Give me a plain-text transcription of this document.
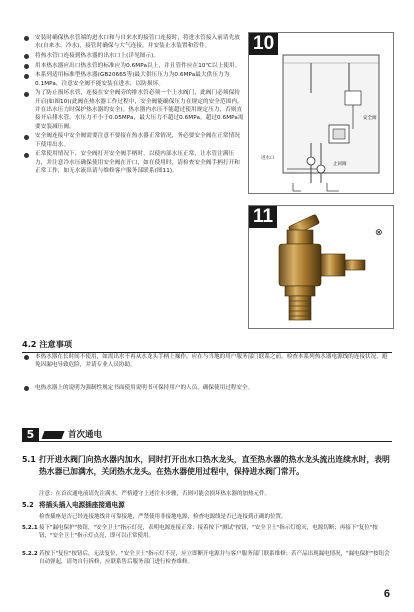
安装时确保热水管端的进水口和与自来水的接管口连接时，将进水管接入前请先放水(自来水、冷水)，接管时确保与大气连接，并安装止水装置和管件。
将热水管口连接到热水器的出水口上(详见图示)。
用本热水器应出口热水管的标准应为0.6MPa以上，并且管件应在10℃以上使用。
本系列适用标准型热水器(GB20665等)最大供压压力为0.6MPa最大供压力为0.1MPa，注意安全阀不能安装在进水，以防损坏。
为了防止损坏水管，连接在安全阀旁的排水管必须一个上水阀门，此阀门必须保持开启(如图10)(此阀在热水器工作过程中，安全阀能确保压力在规定的安全范围内，并在出水压力时保护热水器的安全)。热水器内水压不能超过使用规定压力，否则直接开启排水管，水压力不小于0.05MPa，最大压力不超过0.6MPa。超过0.6MPa需要安装减压阀。
安全阀连接中安全阀需要注意不要接在热水器正常情况，务必要安全阀在正常情况下使用出水。
正常使用情况下，安全阀打开安全阀手柄时，以使内部水压正常，让水管注满压力，并注意冷水压确保使用安全阀在开口，如在使用时，请检查安全阀手柄打开和正常工作，如无水流出请与维修客户服务部联系(图11)。
10
安全阀
进水口
止回阀
11
⊗
4.2 注意事项
本热水器在长时间不使用，如需出水不再从水龙头手柄上操作，应在与当地的用户服务部门联系之前，检查本系列热水器电源线的连接状况，避免因漏电导致危险，并请专业人员协助。
电热水器上的说明为强制性规定书面使用说明书可保持用户的人员，确保使用过程安全。
5	首次通电
5.1 打开进水阀门向热水器内加水，同时打开出水口热水龙头，直至热水器的热水龙头流出连续水时，表明热水器已加满水，关闭热水龙头。在热水器使用过程中，保持进水阀门常开。
注意：在首次通电前请先注满水，严格遵守上述注水步骤，否则可能会损坏热水器的加热元件。
5.2 将插头插入电源插座接通电源
检查插座是否已经连接地线并可靠接地，严禁使用非接地电源，检查电源线是否已连接到正确的位置。
5.2.1 接下"漏电保护"按钮，"安全卫士"指示灯亮，表明电源连接正常；接着按下"测试"按钮，"安全卫士"指示灯熄灭，电源切断；再接下"复位"按钮，"安全卫士"指示灯点亮，即可以正常使用。
5.2.2 若按下"复位"按钮后，无法复位，"安全卫士"指示灯不亮，应立即断开电源并与客户服务部门联系维修；若产品出现漏电情况，"漏电保护"按钮会自动弹起，请勿自行拆修，应联系售后服务部门进行检查维修。
6
